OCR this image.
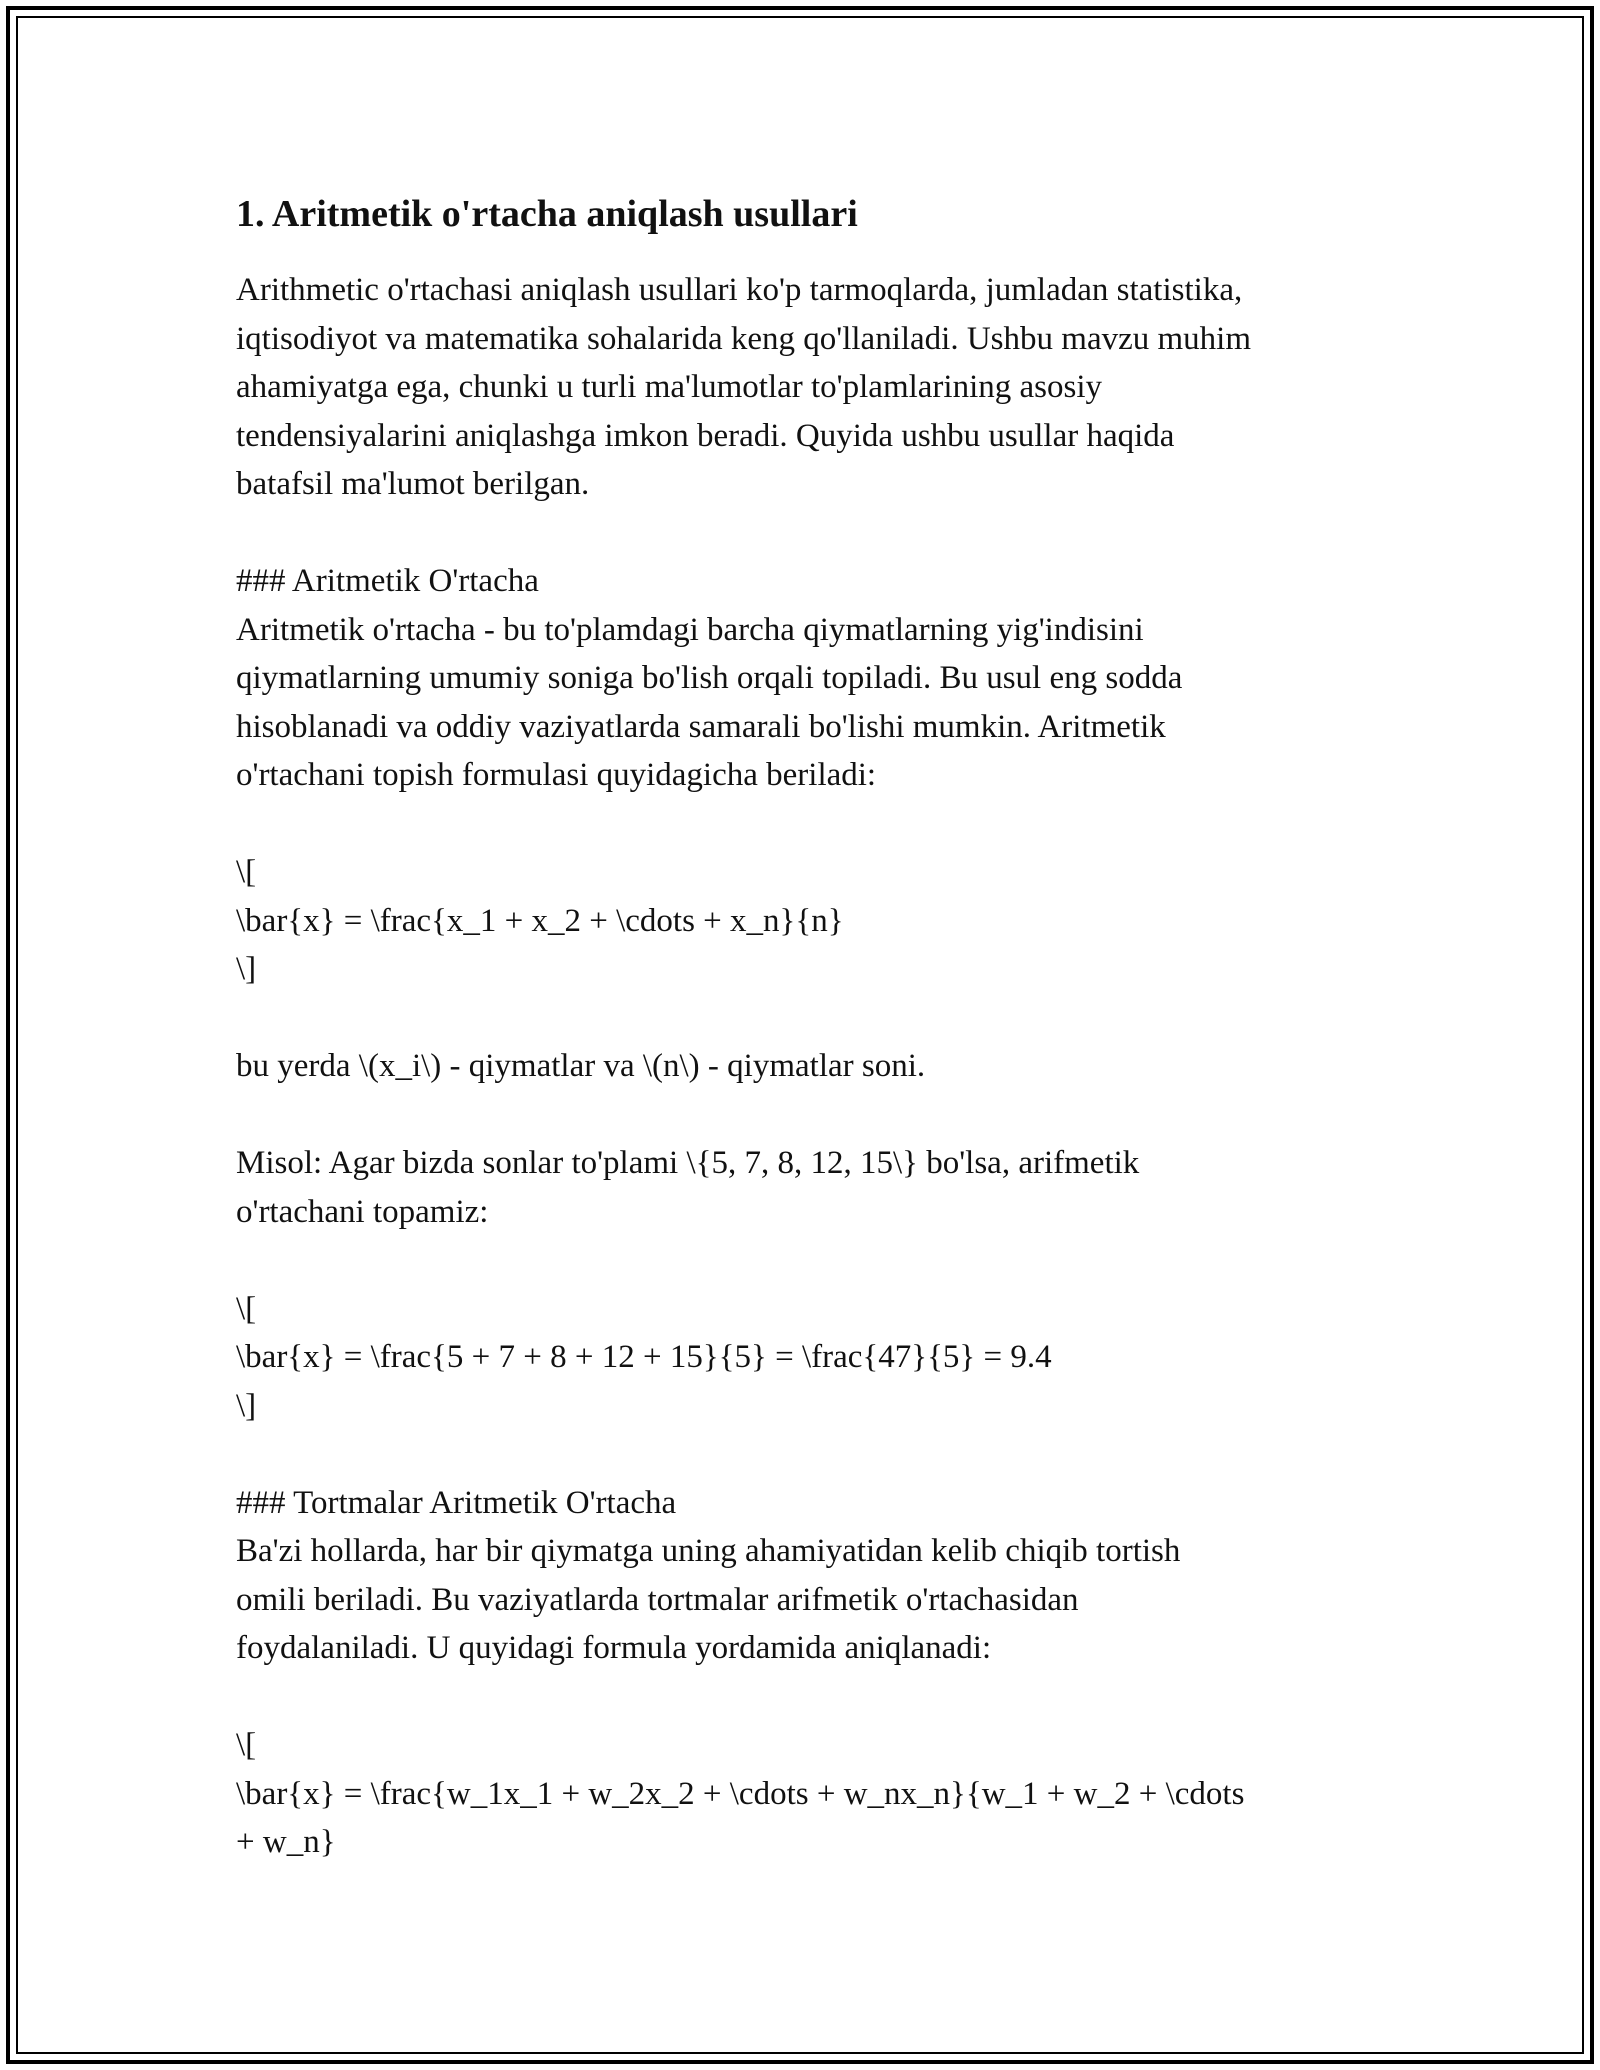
1. Aritmetik o'rtacha aniqlash usullari

Arithmetic o'rtachasi aniqlash usullari ko'p tarmoqlarda, jumladan statistika,
iqtisodiyot va matematika sohalarida keng qo'llaniladi. Ushbu mavzu muhim
ahamiyatga ega, chunki u turli ma'lumotlar to'plamlarining asosiy
tendensiyalarini aniqlashga imkon beradi. Quyida ushbu usullar haqida
batafsil ma'lumot berilgan.

### Aritmetik O'rtacha

Aritmetik o'rtacha - bu to'plamdagi barcha qiymatlarning yig'indisini
qiymatlarning umumiy soniga bo'lish orqali topiladi. Bu usul eng sodda
hisoblanadi va oddiy vaziyatlarda samarali bo'lishi mumkin. Aritmetik
o'rtachani topish formulasi quyidagicha beriladi:

\[
\bar{x} = \frac{x_1 + x_2 + \cdots + x_n}{n}
\]

bu yerda \(x_i\) - qiymatlar va \(n\) - qiymatlar soni.

Misol: Agar bizda sonlar to'plami \{5, 7, 8, 12, 15\} bo'lsa, arifmetik
o'rtachani topamiz:

\[
\bar{x} = \frac{5 + 7 + 8 + 12 + 15}{5} = \frac{47}{5} = 9.4
\]

### Tortmalar Aritmetik O'rtacha

Ba'zi hollarda, har bir qiymatga uning ahamiyatidan kelib chiqib tortish
omili beriladi. Bu vaziyatlarda tortmalar arifmetik o'rtachasidan
foydalaniladi. U quyidagi formula yordamida aniqlanadi:

\[
\bar{x} = \frac{w_1x_1 + w_2x_2 + \cdots + w_nx_n}{w_1 + w_2 + \cdots
+ w_n}
